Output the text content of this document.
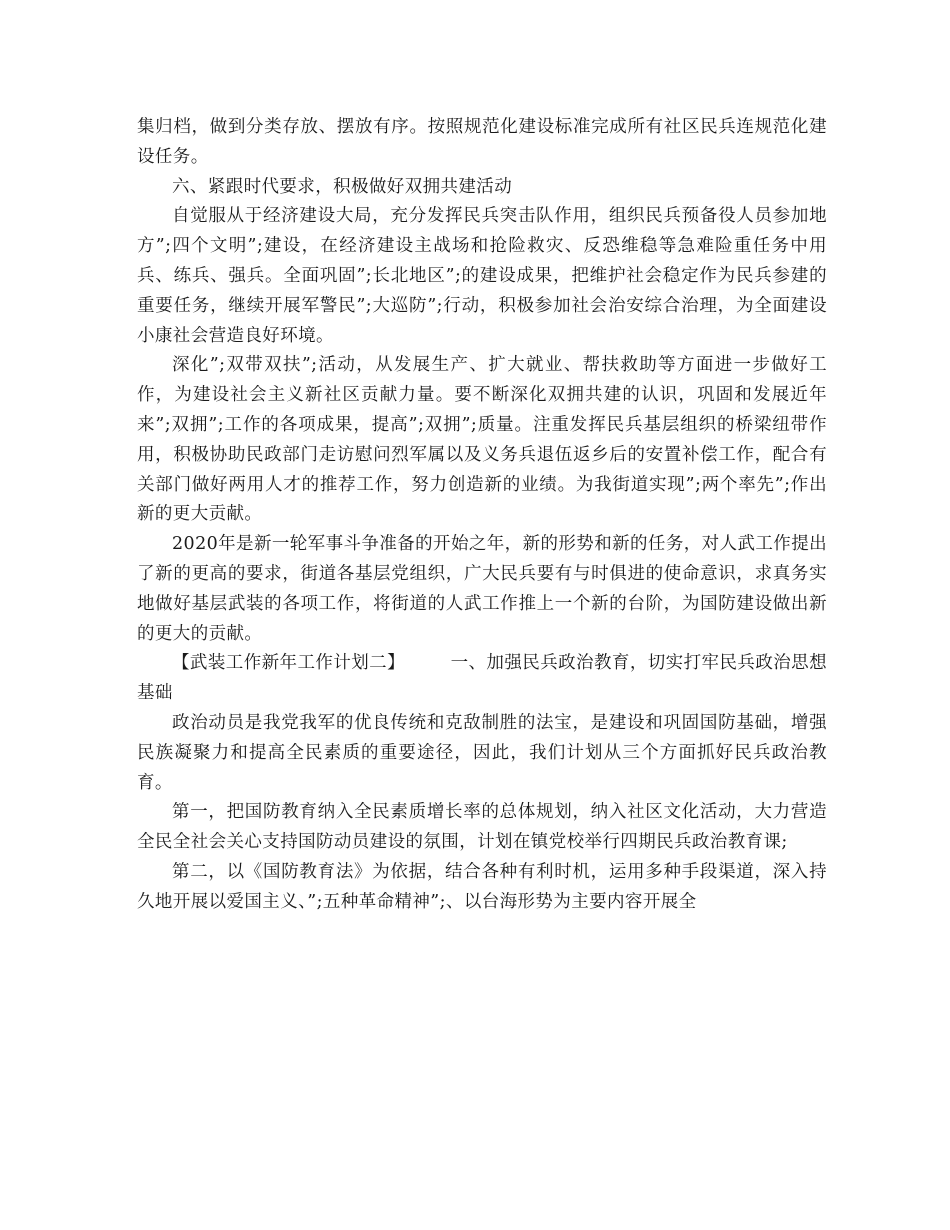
集归档，做到分类存放、摆放有序。按照规范化建设标准完成所有社区民兵连规范化建设任务。

六、紧跟时代要求，积极做好双拥共建活动

自觉服从于经济建设大局，充分发挥民兵突击队作用，组织民兵预备役人员参加地方”;四个文明”;建设，在经济建设主战场和抢险救灾、反恐维稳等急难险重任务中用兵、练兵、强兵。全面巩固”;长北地区”;的建设成果，把维护社会稳定作为民兵参建的重要任务，继续开展军警民”;大巡防”;行动，积极参加社会治安综合治理，为全面建设小康社会营造良好环境。

深化”;双带双扶”;活动，从发展生产、扩大就业、帮扶救助等方面进一步做好工作，为建设社会主义新社区贡献力量。要不断深化双拥共建的认识，巩固和发展近年来”;双拥”;工作的各项成果，提高”;双拥”;质量。注重发挥民兵基层组织的桥梁纽带作用，积极协助民政部门走访慰问烈军属以及义务兵退伍返乡后的安置补偿工作，配合有关部门做好两用人才的推荐工作，努力创造新的业绩。为我街道实现”;两个率先”;作出新的更大贡献。

2020年是新一轮军事斗争准备的开始之年，新的形势和新的任务，对人武工作提出了新的更高的要求，街道各基层党组织，广大民兵要有与时俱进的使命意识，求真务实地做好基层武装的各项工作，将街道的人武工作推上一个新的台阶，为国防建设做出新的更大的贡献。

【武装工作新年工作计划二】	一、加强民兵政治教育，切实打牢民兵政治思想基础

政治动员是我党我军的优良传统和克敌制胜的法宝，是建设和巩固国防基础，增强民族凝聚力和提高全民素质的重要途径，因此，我们计划从三个方面抓好民兵政治教育。

第一，把国防教育纳入全民素质增长率的总体规划，纳入社区文化活动，大力营造全民全社会关心支持国防动员建设的氛围，计划在镇党校举行四期民兵政治教育课;

第二，以《国防教育法》为依据，结合各种有利时机，运用多种手段渠道，深入持久地开展以爱国主义、”;五种革命精神”;、以台海形势为主要内容开展全
